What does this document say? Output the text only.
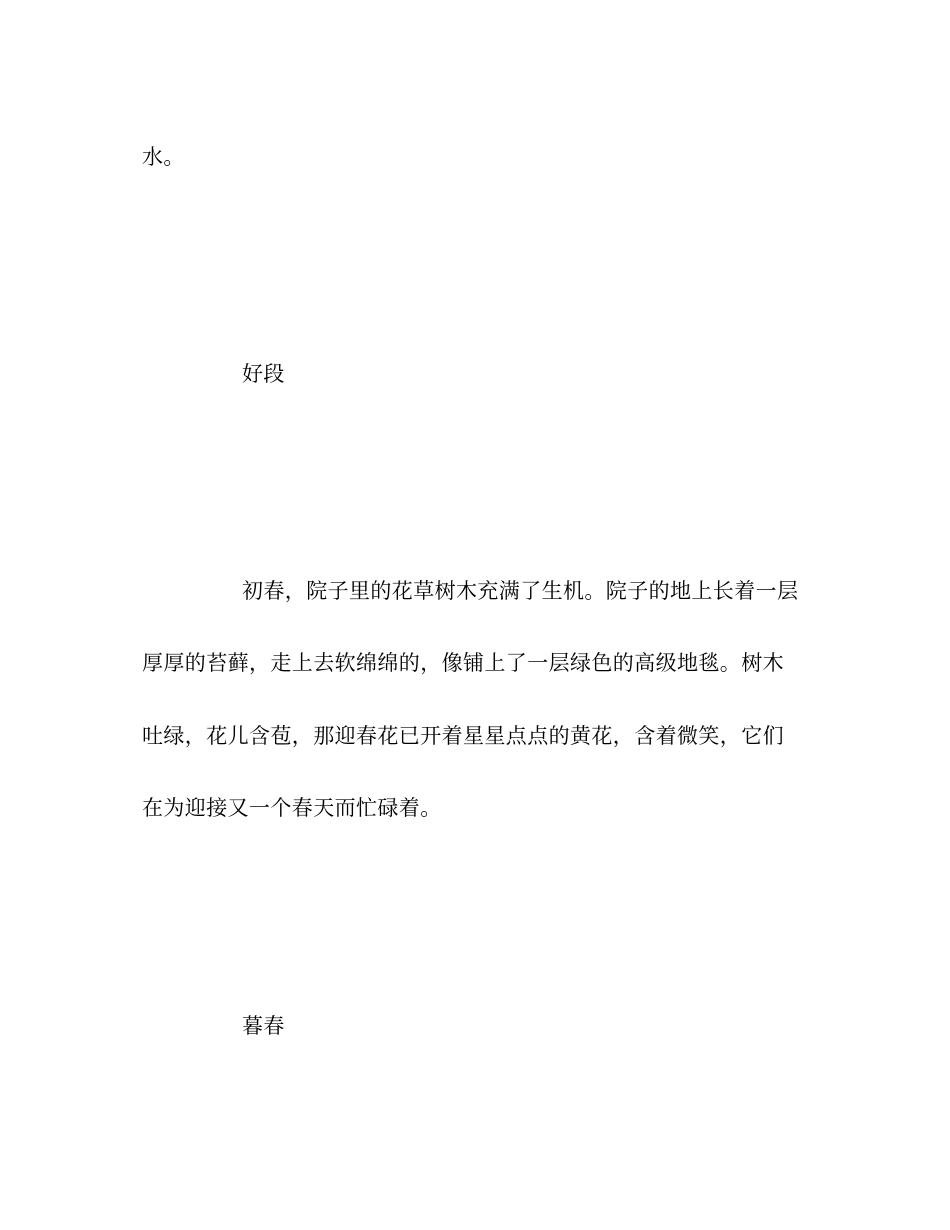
水。
好段
初春，院子里的花草树木充满了生机。院子的地上长着一层
厚厚的苔藓，走上去软绵绵的，像铺上了一层绿色的高级地毯。树木
吐绿，花儿含苞，那迎春花已开着星星点点的黄花，含着微笑，它们
在为迎接又一个春天而忙碌着。
暮春
